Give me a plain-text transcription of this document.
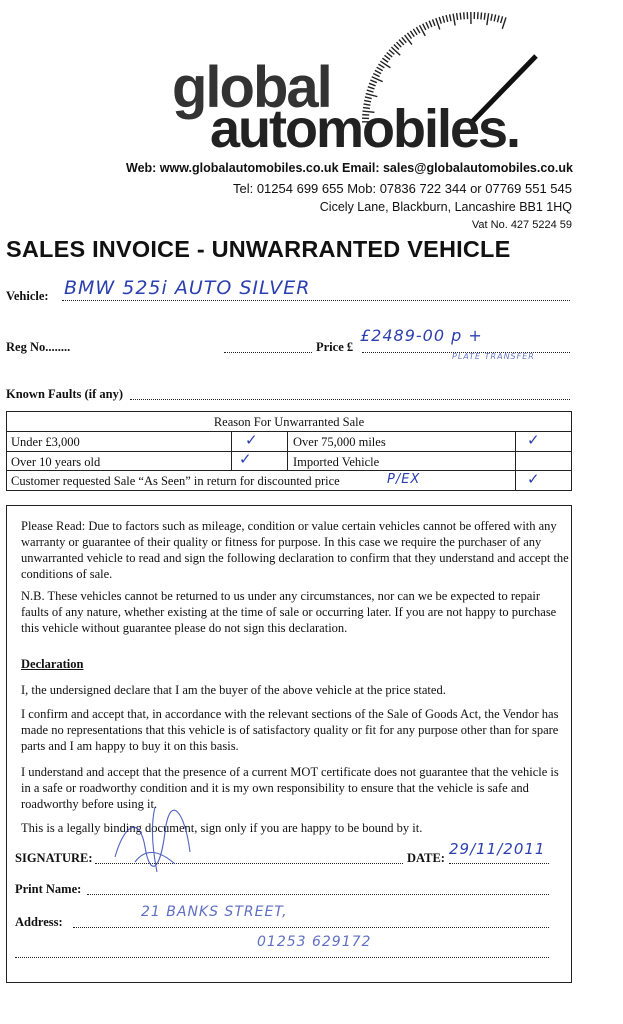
global
automobiles.
Web: www.globalautomobiles.co.uk Email: sales@globalautomobiles.co.uk
Tel: 01254 699 655 Mob: 07836 722 344 or 07769 551 545
Cicely Lane, Blackburn, Lancashire BB1 1HQ
Vat No. 427 5224 59
SALES INVOICE - UNWARRANTED VEHICLE
Vehicle: BMW 525i AUTO SILVER
Reg No........	Price £
£2489-00 p +
PLATE TRANSFER
Known Faults (if any)
Reason For Unwarranted Sale
Under £3,000	✓	Over 75,000 miles	✓
Over 10 years old	✓	Imported Vehicle
Customer requested Sale “As Seen” in return for discounted price	P/EX	✓
Please Read: Due to factors such as mileage, condition or value certain vehicles cannot be offered with any warranty or guarantee of their quality or fitness for purpose. In this case we require the purchaser of any unwarranted vehicle to read and sign the following declaration to confirm that they understand and accept the conditions of sale.
N.B. These vehicles cannot be returned to us under any circumstances, nor can we be expected to repair faults of any nature, whether existing at the time of sale or occurring later. If you are not happy to purchase this vehicle without guarantee please do not sign this declaration.
Declaration
I, the undersigned declare that I am the buyer of the above vehicle at the price stated.
I confirm and accept that, in accordance with the relevant sections of the Sale of Goods Act, the Vendor has made no representations that this vehicle is of satisfactory quality or fit for any purpose other than for spare parts and I am happy to buy it on this basis.
I understand and accept that the presence of a current MOT certificate does not guarantee that the vehicle is in a safe or roadworthy condition and it is my own responsibility to ensure that the vehicle is safe and roadworthy before using it.
This is a legally binding document, sign only if you are happy to be bound by it.
SIGNATURE:	DATE: 29/11/2011
Print Name:
Address:
21 BANKS STREET,
01253 629172
